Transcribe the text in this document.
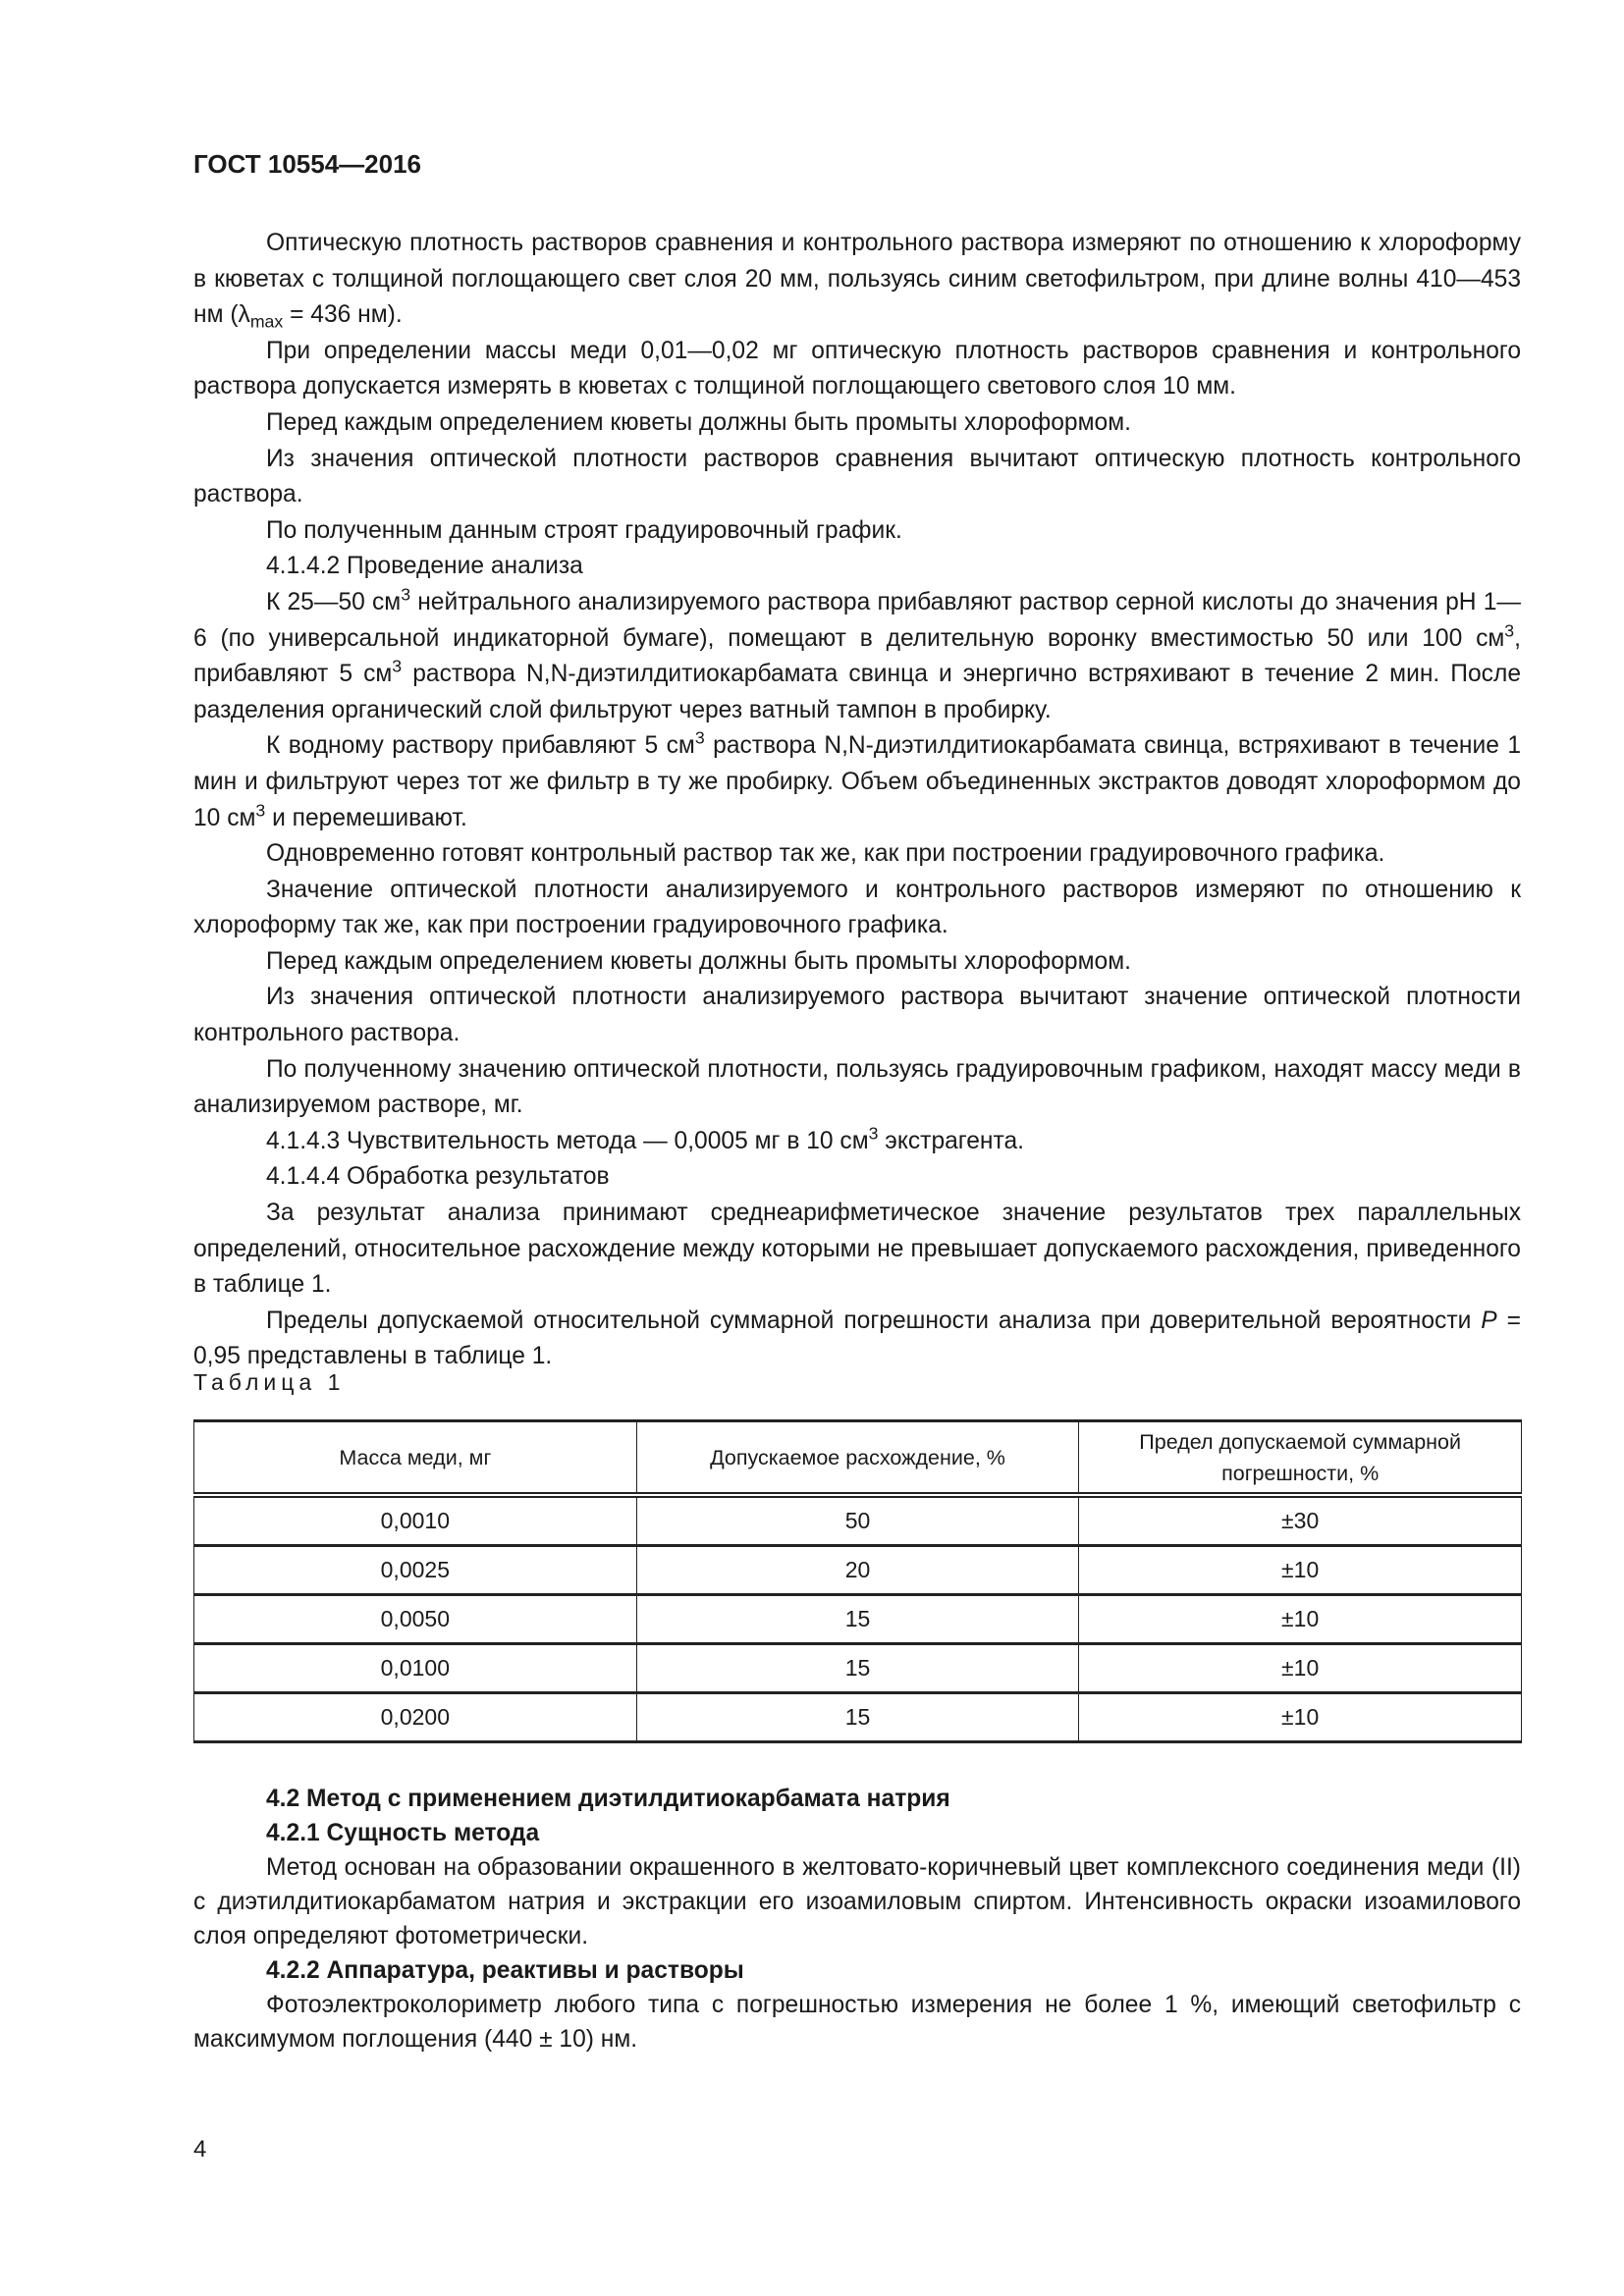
ГОСТ 10554—2016

Оптическую плотность растворов сравнения и контрольного раствора измеряют по отношению к хлороформу в кюветах с толщиной поглощающего свет слоя 20 мм, пользуясь синим светофильтром, при длине волны 410—453 нм ($\lambda_{max} = 436$ нм).

При определении массы меди 0,01—0,02 мг оптическую плотность растворов сравнения и контрольного раствора допускается измерять в кюветах с толщиной поглощающего светового слоя 10 мм.

Перед каждым определением кюветы должны быть промыты хлороформом.

Из значения оптической плотности растворов сравнения вычитают оптическую плотность контрольного раствора.

По полученным данным строят градуировочный график.

4.1.4.2 Проведение анализа

К 25—50 $см^3$ нейтрального анализируемого раствора прибавляют раствор серной кислоты до значения pH 1—6 (по универсальной индикаторной бумаге), помещают в делительную воронку вместимостью 50 или 100 $см^3$, прибавляют 5 $см^3$ раствора N,N-диэтилдитиокарбамата свинца и энергично встряхивают в течение 2 мин. После разделения органический слой фильтруют через ватный тампон в пробирку.

К водному раствору прибавляют 5 $см^3$ раствора N,N-диэтилдитиокарбамата свинца, встряхивают в течение 1 мин и фильтруют через тот же фильтр в ту же пробирку. Объем объединенных экстрактов доводят хлороформом до 10 $см^3$ и перемешивают.

Одновременно готовят контрольный раствор так же, как при построении градуировочного графика.

Значение оптической плотности анализируемого и контрольного растворов измеряют по отношению к хлороформу так же, как при построении градуировочного графика.

Перед каждым определением кюветы должны быть промыты хлороформом.

Из значения оптической плотности анализируемого раствора вычитают значение оптической плотности контрольного раствора.

По полученному значению оптической плотности, пользуясь градуировочным графиком, находят массу меди в анализируемом растворе, мг.

4.1.4.3 Чувствительность метода — 0,0005 мг в 10 $см^3$ экстрагента.

4.1.4.4 Обработка результатов

За результат анализа принимают среднеарифметическое значение результатов трех параллельных определений, относительное расхождение между которыми не превышает допускаемого расхождения, приведенного в таблице 1.

Пределы допускаемой относительной суммарной погрешности анализа при доверительной вероятности P = 0,95 представлены в таблице 1.

Таблица 1
Масса меди, мг	Допускаемое расхождение, %	Предел допускаемой суммарной погрешности, %
0,0010	50	±30
0,0025	20	±10
0,0050	15	±10
0,0100	15	±10
0,0200	15	±10

4.2 Метод с применением диэтилдитиокарбамата натрия

4.2.1 Сущность метода

Метод основан на образовании окрашенного в желтовато-коричневый цвет комплексного соединения меди (II) с диэтилдитиокарбаматом натрия и экстракции его изоамиловым спиртом. Интенсивность окраски изоамилового слоя определяют фотометрически.

4.2.2 Аппаратура, реактивы и растворы

Фотоэлектроколориметр любого типа с погрешностью измерения не более 1 %, имеющий светофильтр с максимумом поглощения (440 ± 10) нм.

4
